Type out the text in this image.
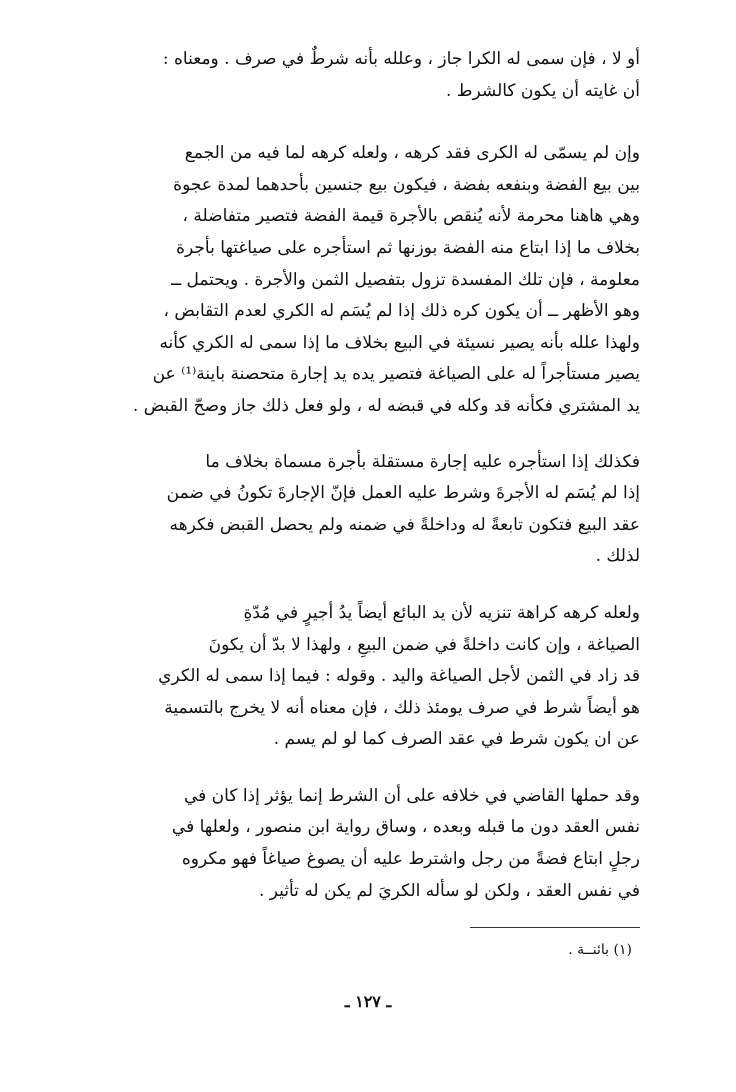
أو لا ، فإن سمى له الكرا جاز ، وعلله بأنه شرطٌ في صرف . ومعناه :
أن غايته أن يكون كالشرط .

وإن لم يسمّى له الكرى فقد كرهه ، ولعله كرهه لما فيه من الجمع
بين بيع الفضة وبنفعه بفضة ، فيكون بيع جنسين بأحدهما لمدة عجوة
وهي هاهنا محرمة لأنه يُنقص بالأجرة قيمة الفضة فتصير متفاضلة ،
بخلاف ما إذا ابتاع منه الفضة بوزنها ثم استأجره على صياغتها بأجرة
معلومة ، فإن تلك المفسدة تزول بتفصيل الثمن والأجرة . ويحتمل ــ
وهو الأظهر ــ أن يكون كره ذلك إذا لم يُسَم له الكري لعدم التقابض ،
ولهذا علله بأنه يصير نسيئة في البيع بخلاف ما إذا سمى له الكري كأنه
يصير مستأجراً له على الصياغة فتصير يده يد إجارة متحصنة باينة⁽¹⁾ عن
يد المشتري فكأنه قد وكله في قبضه له ، ولو فعل ذلك جاز وصحّ القبض .

فكذلك إذا استأجره عليه إجارة مستقلة بأجرة مسماة بخلاف ما
إذا لم يُسَم له الأجرةَ وشرط عليه العمل فإنّ الإجارةَ تكونُ في ضمن
عقد البيع فتكون تابعةً له وداخلةً في ضمنه ولم يحصل القبض فكرهه
لذلك .

ولعله كرهه كراهة تنزيه لأن يد البائع أيضاً يدُ أجيرٍ في مُدّةِ
الصياغة ، وإن كانت داخلةً في ضمن البيعِ ، ولهذا لا بدّ أن يكونَ
قد زاد في الثمن لأجل الصياغة واليد . وقوله : فيما إذا سمى له الكري
هو أيضاً شرط في صرف يومئذ ذلك ، فإن معناه أنه لا يخرج بالتسمية
عن ان يكون شرط في عقد الصرف كما لو لم يسم .

وقد حملها القاضي في خلافه على أن الشرط إنما يؤثر إذا كان في
نفس العقد دون ما قبله وبعده ، وساق رواية ابن منصور ، ولعلها في
رجلٍ ابتاع فضةً من رجل واشترط عليه أن يصوغ صياغاً فهو مكروه
في نفس العقد ، ولكن لو سأله الكريَ لم يكن له تأثير .

(١) بائنــة .
ـ ١٢٧ ـ
